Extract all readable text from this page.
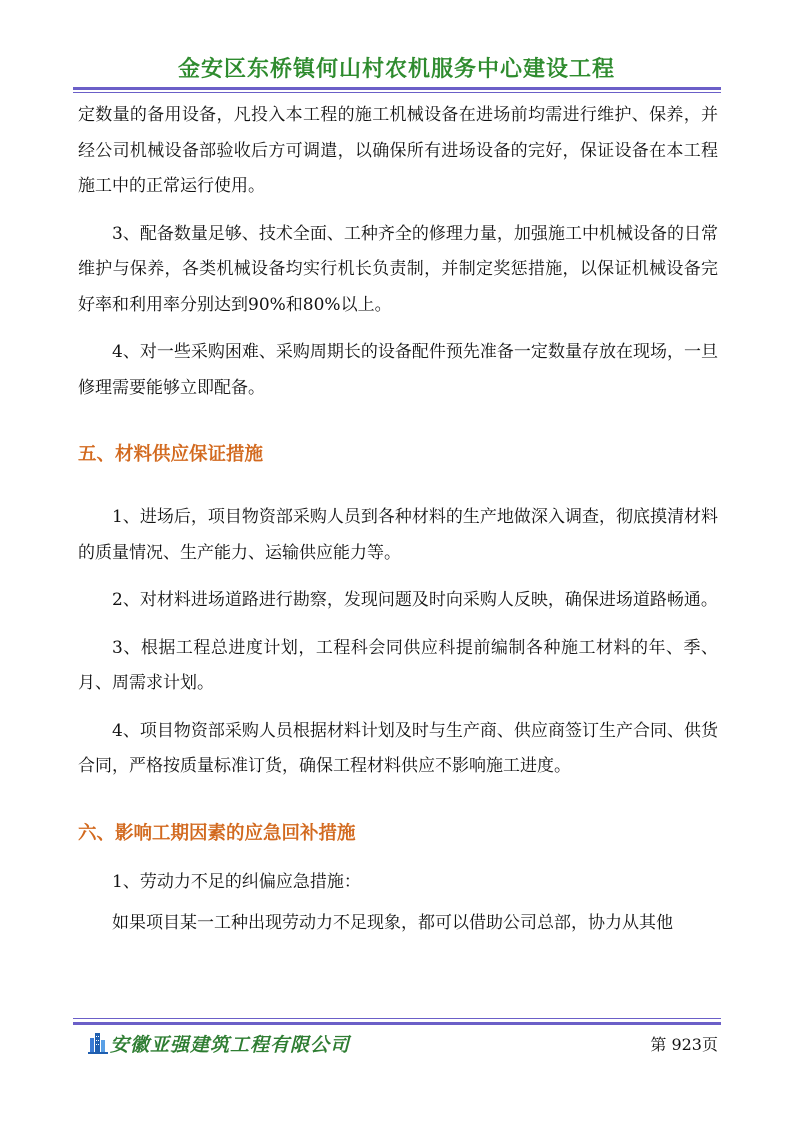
金安区东桥镇何山村农机服务中心建设工程

定数量的备用设备，凡投入本工程的施工机械设备在进场前均需进行维护、保养，并经公司机械设备部验收后方可调遣，以确保所有进场设备的完好，保证设备在本工程施工中的正常运行使用。

3、配备数量足够、技术全面、工种齐全的修理力量，加强施工中机械设备的日常维护与保养，各类机械设备均实行机长负责制，并制定奖惩措施，以保证机械设备完好率和利用率分别达到90%和80%以上。

4、对一些采购困难、采购周期长的设备配件预先准备一定数量存放在现场，一旦修理需要能够立即配备。

五、材料供应保证措施

1、进场后，项目物资部采购人员到各种材料的生产地做深入调查，彻底摸清材料的质量情况、生产能力、运输供应能力等。

2、对材料进场道路进行勘察，发现问题及时向采购人反映，确保进场道路畅通。

3、根据工程总进度计划，工程科会同供应科提前编制各种施工材料的年、季、月、周需求计划。

4、项目物资部采购人员根据材料计划及时与生产商、供应商签订生产合同、供货合同，严格按质量标准订货，确保工程材料供应不影响施工进度。

六、影响工期因素的应急回补措施

1、劳动力不足的纠偏应急措施：

如果项目某一工种出现劳动力不足现象，都可以借助公司总部，协力从其他

安徽亚强建筑工程有限公司	第 923页
